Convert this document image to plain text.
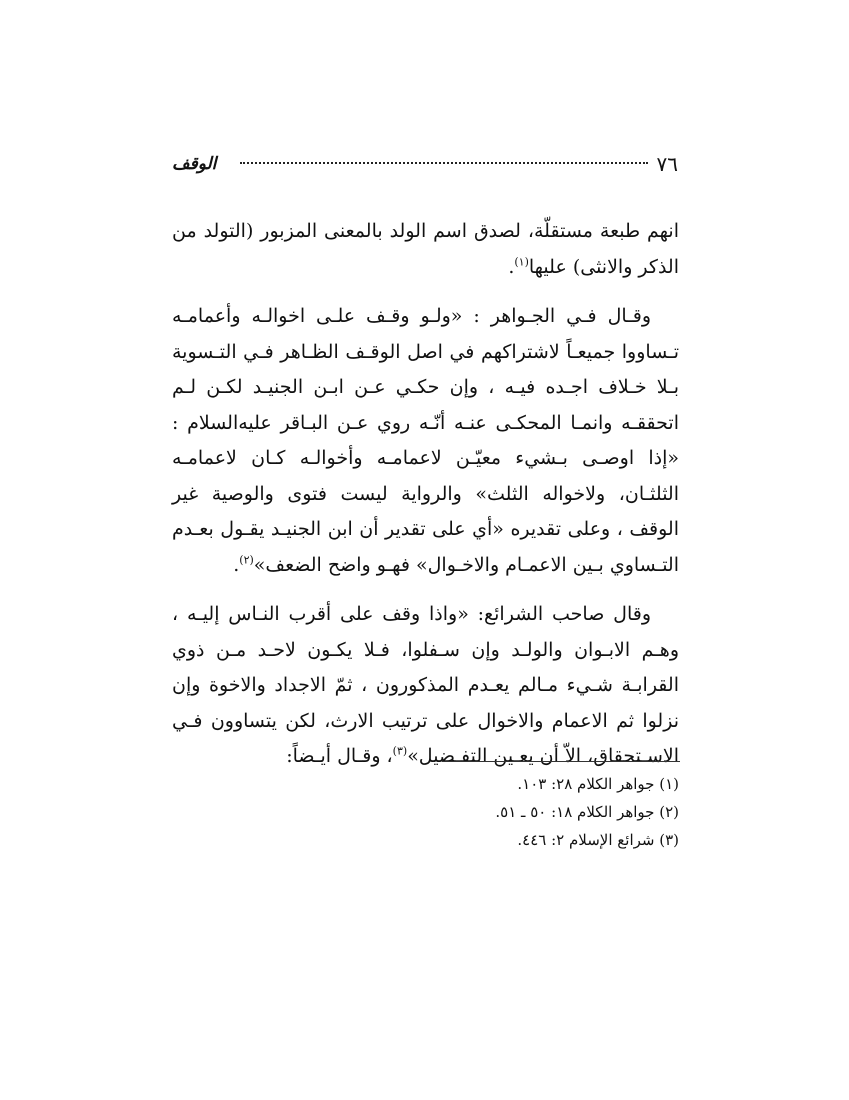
٧٦
الوقف

انهم طبعة مستقلّة، لصدق اسم الولد بالمعنى المزبور (التولد من الذكر والانثى) عليها$^{(١)}$.

وقـال فـي الجـواهر : «ولـو وقـف علـى اخوالـه وأعمامـه تـساووا جميعـاً لاشتراكهم في اصل الوقـف الظـاهر فـي التـسوية بـلا خـلاف اجـده فيـه ، وإن حكـي عـن ابـن الجنيـد لكـن لـم اتحققـه وانمـا المحكـى عنـه أنّـه روي عـن البـاقر عليه‌السلام : «إذا اوصـى بـشيء معيّـن لاعمامـه وأخوالـه كـان لاعمامـه الثلثـان، ولاخواله الثلث» والرواية ليست فتوى والوصية غير الوقف ، وعلى تقديره «أي على تقدير أن ابن الجنيـد يقـول بعـدم التـساوي بـين الاعمـام والاخـوال» فهـو واضح الضعف»$^{(٢)}$.

وقال صاحب الشرائع: «واذا وقف على أقرب النـاس إليـه ، وهـم الابـوان والولـد وإن سـفلوا، فـلا يكـون لاحـد مـن ذوي القرابـة شـيء مـالم يعـدم المذكورون ، ثمّ الاجداد والاخوة وإن نزلوا ثم الاعمام والاخوال على ترتيب الارث، لكن يتساوون فـي الاسـتحقاق، الاّ أن يعـين التفـضيل»$^{(٣)}$، وقـال أيـضاً:

(١) جواهر الكلام ٢٨: ١٠٣.
(٢) جواهر الكلام ١٨: ٥٠ ـ ٥١.
(٣) شرائع الإسلام ٢: ٤٤٦.
